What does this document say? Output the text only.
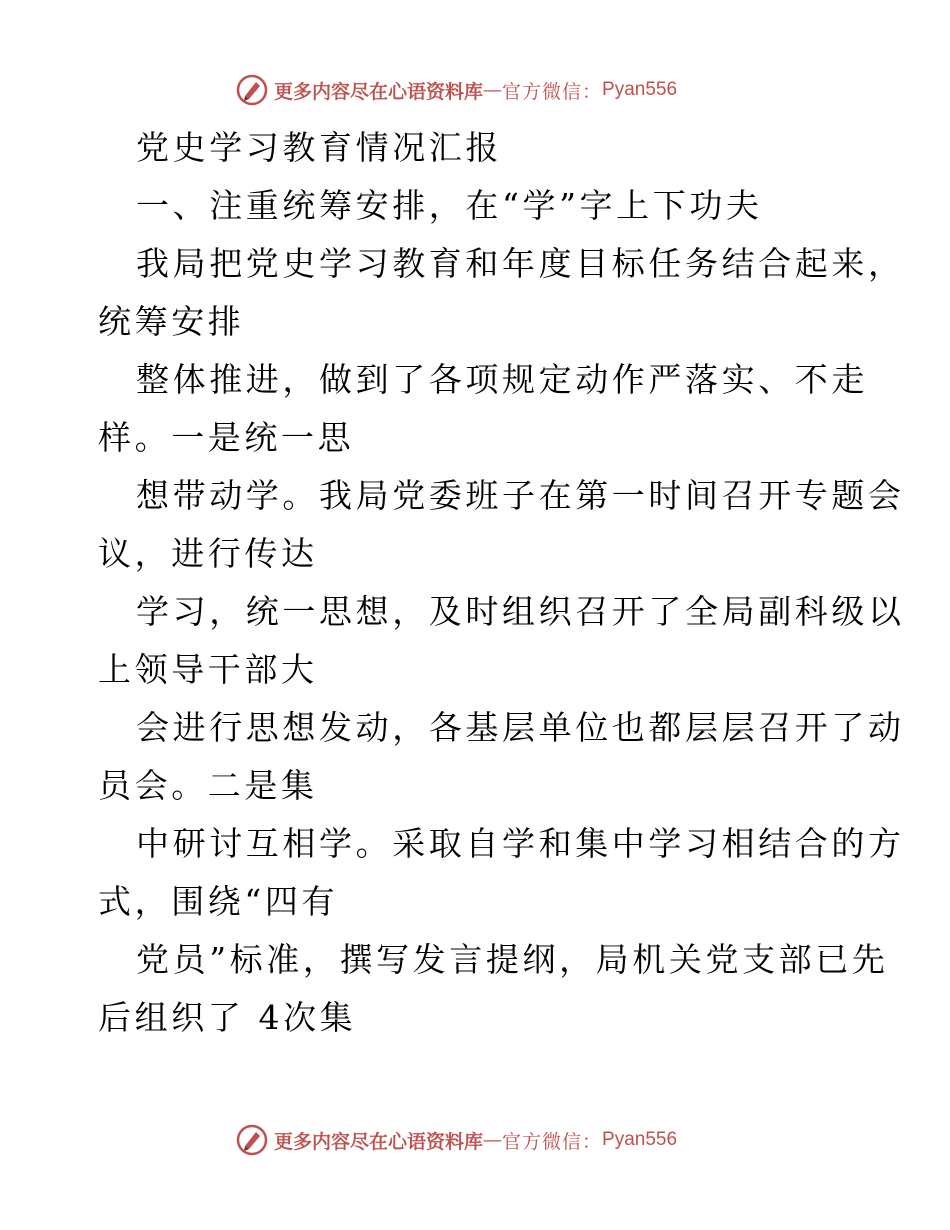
更多内容尽在心语资料库 — 官方微信： Pyan556
党史学习教育情况汇报
一、注重统筹安排，在“学”字上下功夫
我局把党史学习教育和年度目标任务结合起来，
统筹安排
整体推进，做到了各项规定动作严落实、不走
样。一是统一思
想带动学。我局党委班子在第一时间召开专题会
议，进行传达
学习，统一思想，及时组织召开了全局副科级以
上领导干部大
会进行思想发动，各基层单位也都层层召开了动
员会。二是集
中研讨互相学。采取自学和集中学习相结合的方
式，围绕“四有
党员”标准，撰写发言提纲，局机关党支部已先
后组织了 4次集
更多内容尽在心语资料库 — 官方微信： Pyan556
